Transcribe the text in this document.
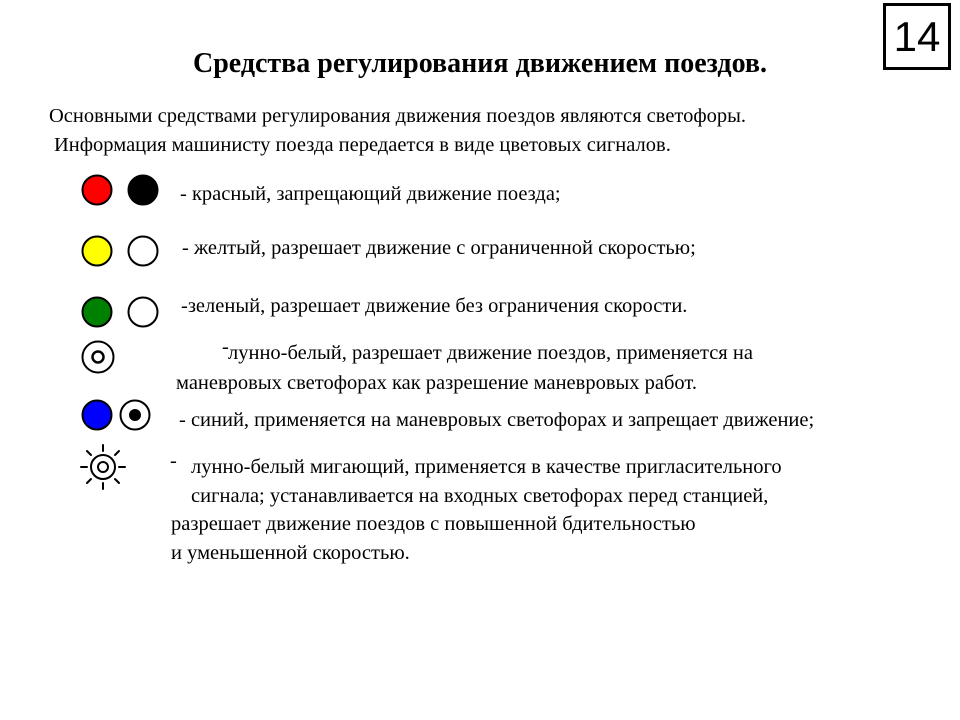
14
Средства регулирования движением поездов.
Основными средствами регулирования движения поездов являются светофоры.
Информация машинисту поезда передается в виде цветовых сигналов.
- красный, запрещающий движение поезда;
- желтый, разрешает движение с ограниченной скоростью;
-зеленый, разрешает движение без ограничения скорости.
- лунно-белый, разрешает движение поездов, применяется на
маневровых светофорах как разрешение маневровых работ.
- синий, применяется на маневровых светофорах и запрещает движение;
- лунно-белый мигающий, применяется в качестве пригласительного
сигнала; устанавливается на входных светофорах перед станцией,
разрешает движение поездов с повышенной бдительностью
и уменьшенной скоростью.
